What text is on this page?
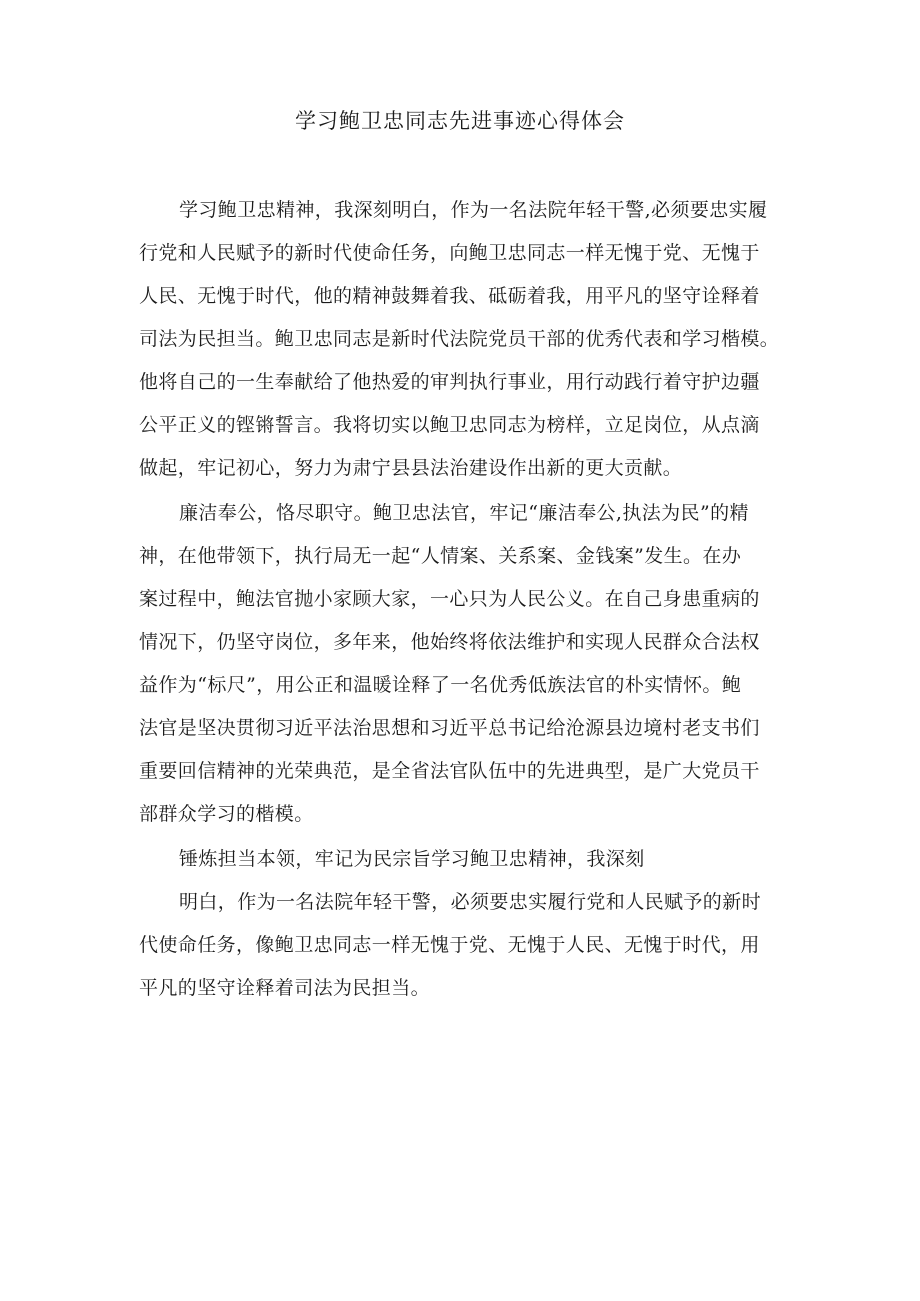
学习鲍卫忠同志先进事迹心得体会
学习鲍卫忠精神，我深刻明白，作为一名法院年轻干警,必须要忠实履
行党和人民赋予的新时代使命任务，向鲍卫忠同志一样无愧于党、无愧于
人民、无愧于时代，他的精神鼓舞着我、砥砺着我，用平凡的坚守诠释着
司法为民担当。鲍卫忠同志是新时代法院党员干部的优秀代表和学习楷模。
他将自己的一生奉献给了他热爱的审判执行事业，用行动践行着守护边疆
公平正义的铿锵誓言。我将切实以鲍卫忠同志为榜样，立足岗位，从点滴
做起，牢记初心，努力为肃宁县县法治建设作出新的更大贡献。
廉洁奉公，恪尽职守。鲍卫忠法官，牢记“廉洁奉公,执法为民”的精
神，在他带领下，执行局无一起“人情案、关系案、金钱案”发生。在办
案过程中，鲍法官抛小家顾大家，一心只为人民公义。在自己身患重病的
情况下，仍坚守岗位，多年来，他始终将依法维护和实现人民群众合法权
益作为“标尺”，用公正和温暖诠释了一名优秀低族法官的朴实情怀。鲍
法官是坚决贯彻习近平法治思想和习近平总书记给沧源县边境村老支书们
重要回信精神的光荣典范，是全省法官队伍中的先进典型，是广大党员干
部群众学习的楷模。
锤炼担当本领，牢记为民宗旨学习鲍卫忠精神，我深刻
明白，作为一名法院年轻干警，必须要忠实履行党和人民赋予的新时
代使命任务，像鲍卫忠同志一样无愧于党、无愧于人民、无愧于时代，用
平凡的坚守诠释着司法为民担当。
